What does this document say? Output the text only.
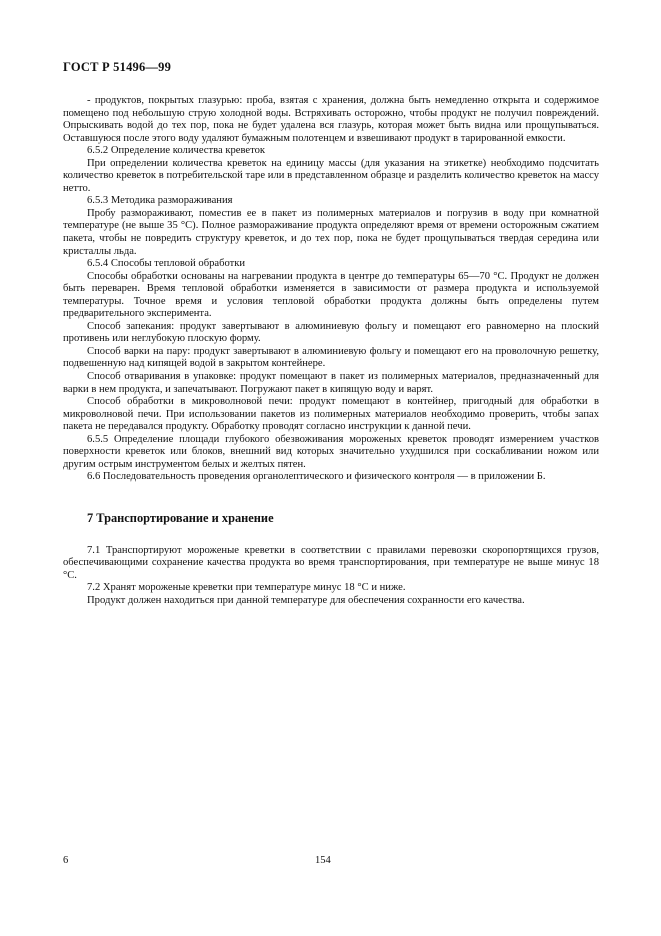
ГОСТ Р 51496—99

- продуктов, покрытых глазурью: проба, взятая с хранения, должна быть немедленно открыта и содержимое помещено под небольшую струю холодной воды. Встряхивать осторожно, чтобы продукт не получил повреждений. Опрыскивать водой до тех пор, пока не будет удалена вся глазурь, которая может быть видна или прощупываться. Оставшуюся после этого воду удаляют бумажным полотенцем и взвешивают продукт в тарированной емкости.

6.5.2 Определение количества креветок

При определении количества креветок на единицу массы (для указания на этикетке) необходимо подсчитать количество креветок в потребительской таре или в представленном образце и разделить количество креветок на массу нетто.

6.5.3 Методика размораживания

Пробу размораживают, поместив ее в пакет из полимерных материалов и погрузив в воду при комнатной температуре (не выше 35 °С). Полное размораживание продукта определяют время от времени осторожным сжатием пакета, чтобы не повредить структуру креветок, и до тех пор, пока не будет прощупываться твердая середина или кристаллы льда.

6.5.4 Способы тепловой обработки

Способы обработки основаны на нагревании продукта в центре до температуры 65—70 °С. Продукт не должен быть переварен. Время тепловой обработки изменяется в зависимости от размера продукта и используемой температуры. Точное время и условия тепловой обработки продукта должны быть определены путем предварительного эксперимента.

Способ запекания: продукт завертывают в алюминиевую фольгу и помещают его равномерно на плоский противень или неглубокую плоскую форму.

Способ варки на пару: продукт завертывают в алюминиевую фольгу и помещают его на проволочную решетку, подвешенную над кипящей водой в закрытом контейнере.

Способ отваривания в упаковке: продукт помещают в пакет из полимерных материалов, предназначенный для варки в нем продукта, и запечатывают. Погружают пакет в кипящую воду и варят.

Способ обработки в микроволновой печи: продукт помещают в контейнер, пригодный для обработки в микроволновой печи. При использовании пакетов из полимерных материалов необходимо проверить, чтобы запах пакета не передавался продукту. Обработку проводят согласно инструкции к данной печи.

6.5.5 Определение площади глубокого обезвоживания мороженых креветок проводят измерением участков поверхности креветок или блоков, внешний вид которых значительно ухудшился при соскабливании ножом или другим острым инструментом белых и желтых пятен.

6.6 Последовательность проведения органолептического и физического контроля — в приложении Б.

7 Транспортирование и хранение

7.1 Транспортируют мороженые креветки в соответствии с правилами перевозки скоропортящихся грузов, обеспечивающими сохранение качества продукта во время транспортирования, при температуре не выше минус 18 °С.

7.2 Хранят мороженые креветки при температуре минус 18 °С и ниже.

Продукт должен находиться при данной температуре для обеспечения сохранности его качества.

6	154
